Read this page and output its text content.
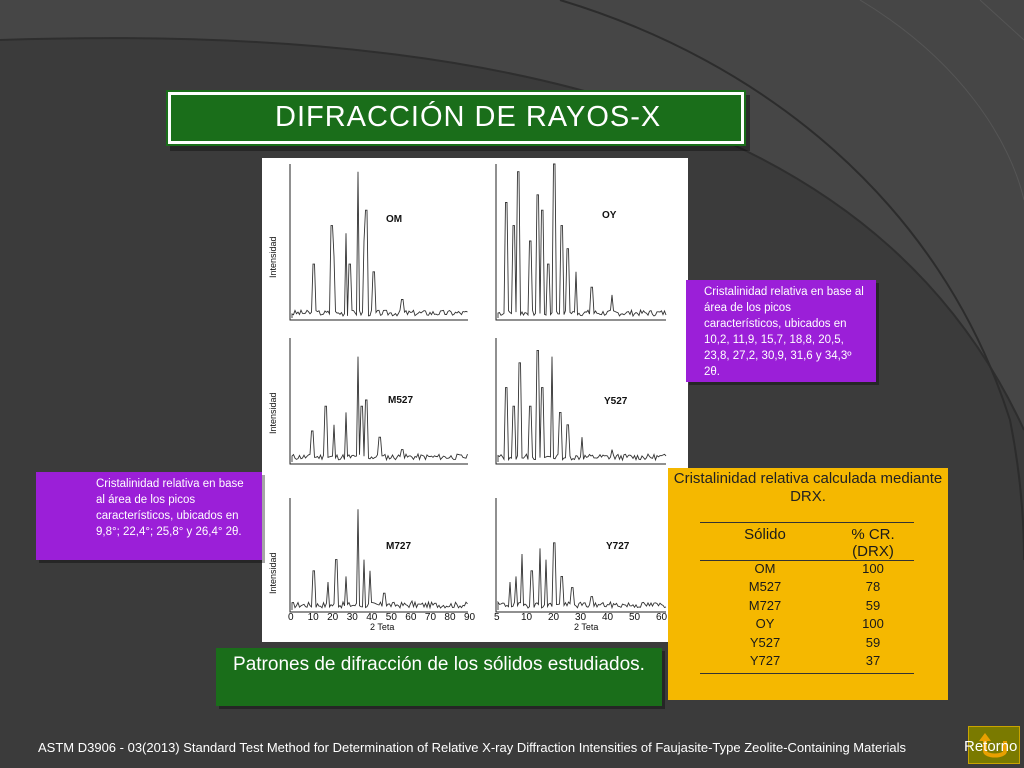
DIFRACCIÓN DE RAYOS-X
OM	OY
M527	Y527
M727	Y727
Intensidad
Intensidad
Intensidad
0 10 20 30 40 50 60 70 80 90 5 10 20 30 40 50 60
2 Teta	2 Teta
Cristalinidad relativa en base al área de los picos característicos, ubicados en 10,2, 11,9, 15,7, 18,8, 20,5, 23,8, 27,2, 30,9, 31,6 y 34,3º 2θ.
Cristalinidad relativa en base al área de los picos característicos, ubicados en 9,8°; 22,4°; 25,8° y 26,4° 2θ.
Cristalinidad relativa calculada mediante DRX.
Sólido	% CR. (DRX)
OM	100
M527	78
M727	59
OY	100
Y527	59
Y727	37
Patrones de difracción de los sólidos estudiados.
ASTM D3906 - 03(2013) Standard Test Method for Determination of Relative X-ray Diffraction Intensities of Faujasite-Type Zeolite-Containing Materials	Retorno
